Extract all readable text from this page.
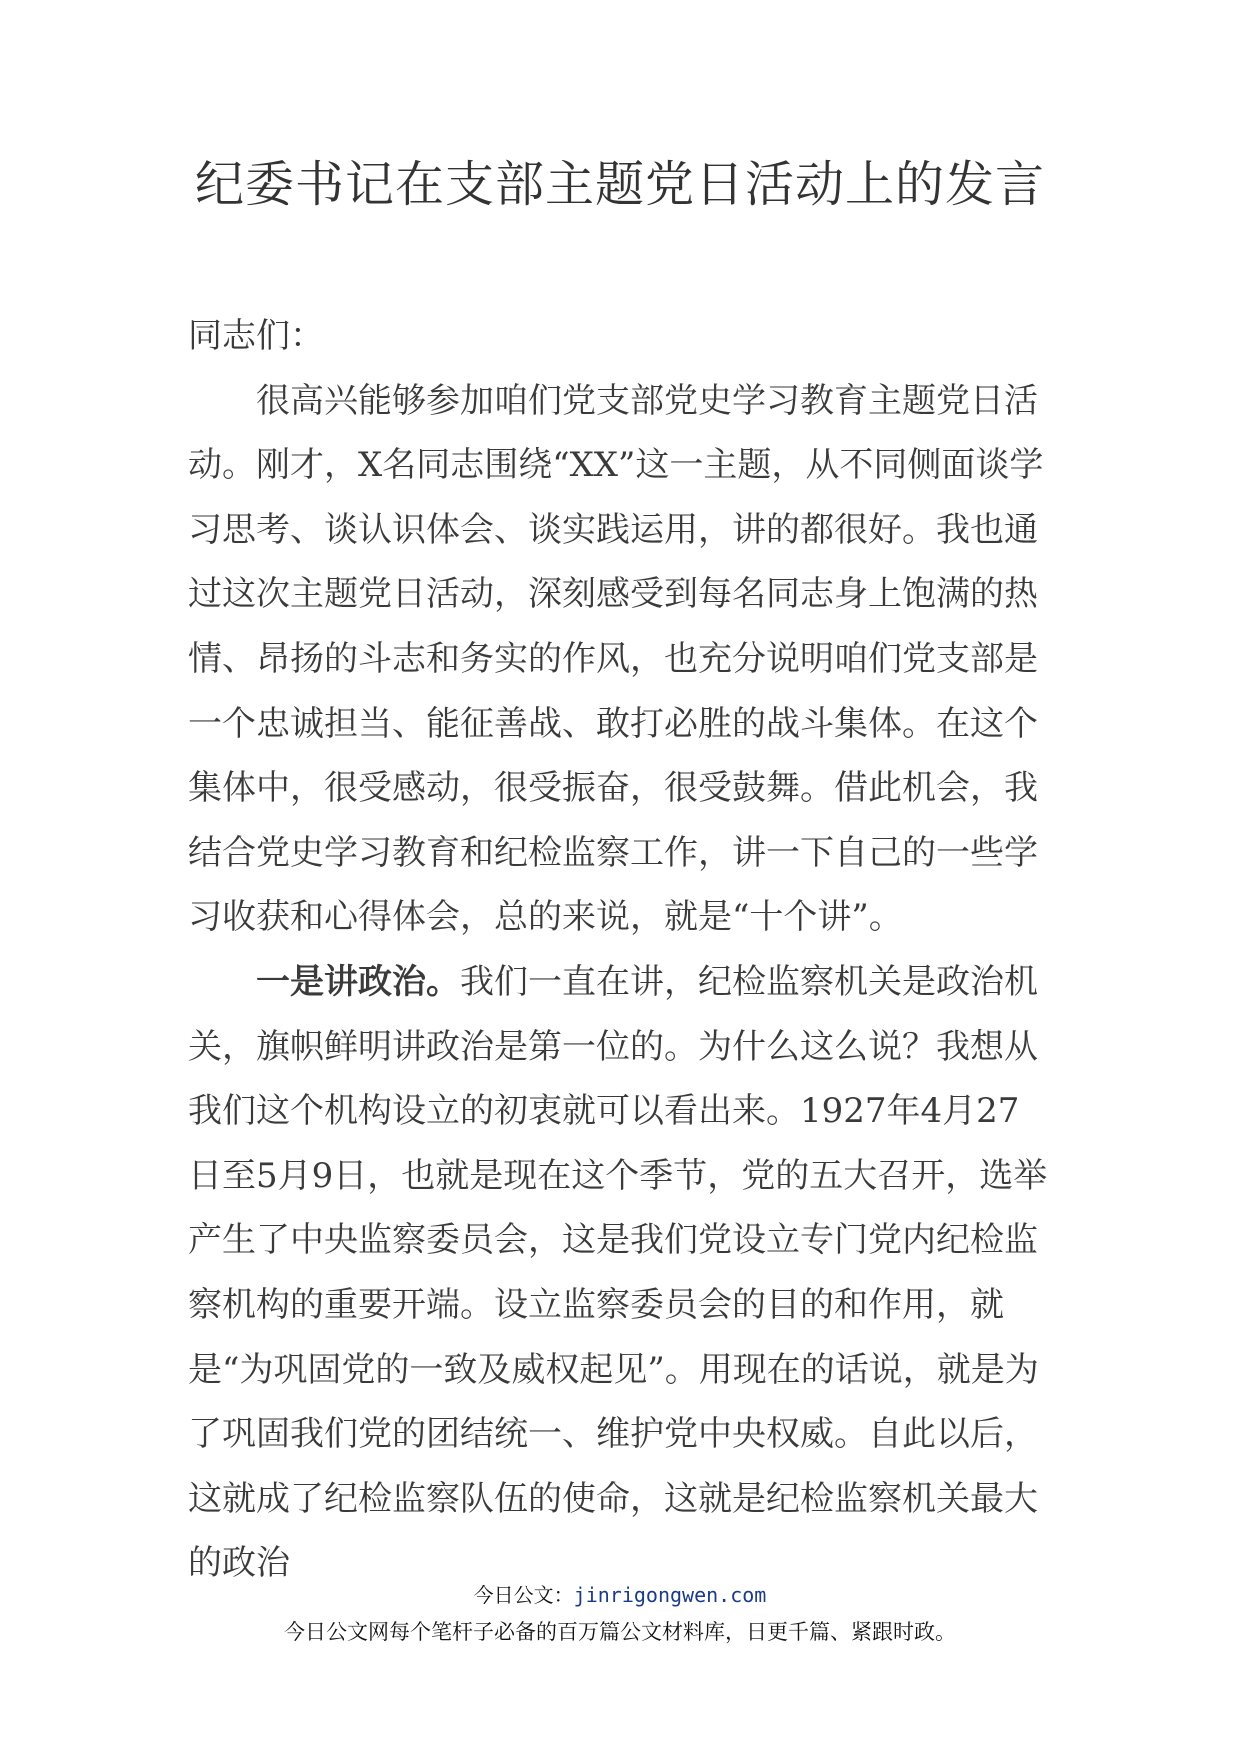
纪委书记在支部主题党日活动上的发言

同志们：

很高兴能够参加咱们党支部党史学习教育主题党日活动。刚才，X名同志围绕“XX”这一主题，从不同侧面谈学习思考、谈认识体会、谈实践运用，讲的都很好。我也通过这次主题党日活动，深刻感受到每名同志身上饱满的热情、昂扬的斗志和务实的作风，也充分说明咱们党支部是一个忠诚担当、能征善战、敢打必胜的战斗集体。在这个集体中，很受感动，很受振奋，很受鼓舞。借此机会，我结合党史学习教育和纪检监察工作，讲一下自己的一些学习收获和心得体会，总的来说，就是“十个讲”。

一是讲政治。我们一直在讲，纪检监察机关是政治机关，旗帜鲜明讲政治是第一位的。为什么这么说？我想从我们这个机构设立的初衷就可以看出来。1927年4月27日至5月9日，也就是现在这个季节，党的五大召开，选举产生了中央监察委员会，这是我们党设立专门党内纪检监察机构的重要开端。设立监察委员会的目的和作用，就是“为巩固党的一致及威权起见”。用现在的话说，就是为了巩固我们党的团结统一、维护党中央权威。自此以后，这就成了纪检监察队伍的使命，这就是纪检监察机关最大的政治

今日公文：jinrigongwen.com
今日公文网每个笔杆子必备的百万篇公文材料库，日更千篇、紧跟时政。
